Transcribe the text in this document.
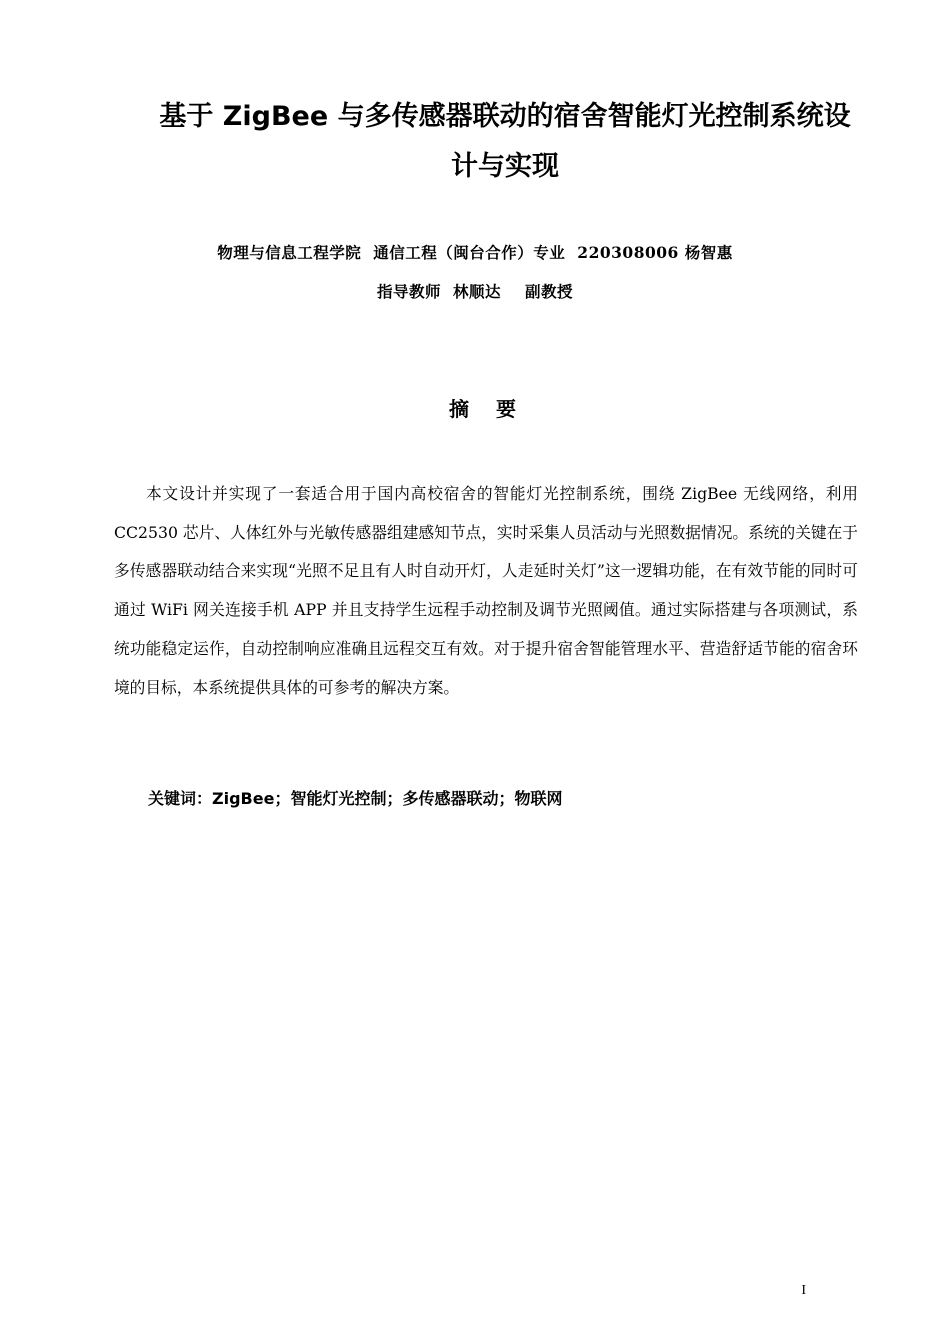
基于 ZigBee 与多传感器联动的宿舍智能灯光控制系统设
计与实现
物理与信息工程学院 通信工程（闽台合作）专业 220308006 杨智惠
指导教师 林顺达 副教授
摘 要

本文设计并实现了一套适合用于国内高校宿舍的智能灯光控制系统，围绕 ZigBee 无线网络，利用 CC2530 芯片、人体红外与光敏传感器组建感知节点，实时采集人员活动与光照数据情况。系统的关键在于多传感器联动结合来实现“光照不足且有人时自动开灯，人走延时关灯”这一逻辑功能，在有效节能的同时可通过 WiFi 网关连接手机 APP 并且支持学生远程手动控制及调节光照阈值。通过实际搭建与各项测试，系统功能稳定运作，自动控制响应准确且远程交互有效。对于提升宿舍智能管理水平、营造舒适节能的宿舍环境的目标，本系统提供具体的可参考的解决方案。

关键词：ZigBee；智能灯光控制；多传感器联动；物联网
I
